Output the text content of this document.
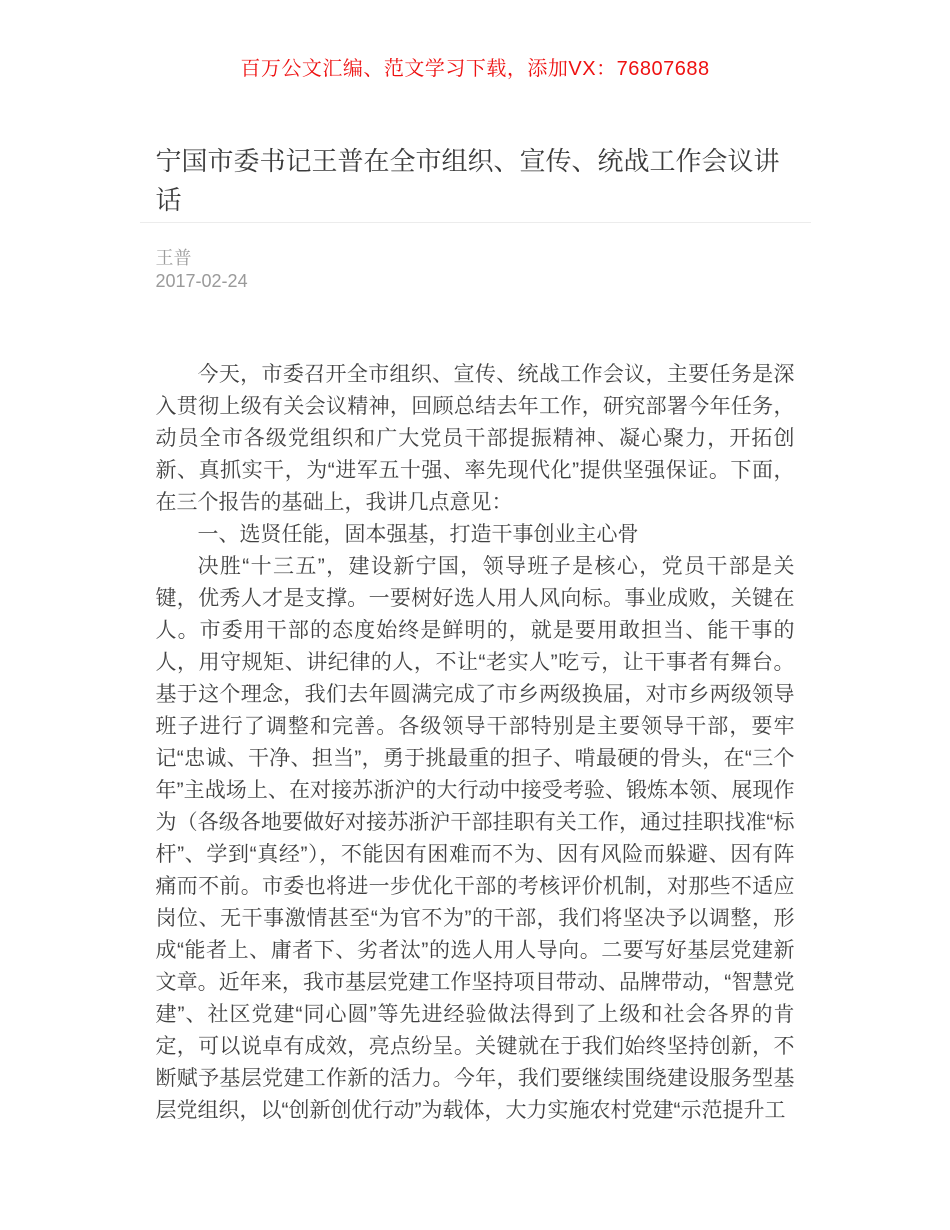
百万公文汇编、范文学习下载，添加VX：76807688
宁国市委书记王普在全市组织、宣传、统战工作会议讲话
王普
2017-02-24

今天，市委召开全市组织、宣传、统战工作会议，主要任务是深入贯彻上级有关会议精神，回顾总结去年工作，研究部署今年任务，动员全市各级党组织和广大党员干部提振精神、凝心聚力，开拓创新、真抓实干，为“进军五十强、率先现代化”提供坚强保证。下面，在三个报告的基础上，我讲几点意见：

一、选贤任能，固本强基，打造干事创业主心骨

决胜“十三五”，建设新宁国，领导班子是核心，党员干部是关键，优秀人才是支撑。一要树好选人用人风向标。事业成败，关键在人。市委用干部的态度始终是鲜明的，就是要用敢担当、能干事的人，用守规矩、讲纪律的人，不让“老实人”吃亏，让干事者有舞台。基于这个理念，我们去年圆满完成了市乡两级换届，对市乡两级领导班子进行了调整和完善。各级领导干部特别是主要领导干部，要牢记“忠诚、干净、担当”，勇于挑最重的担子、啃最硬的骨头，在“三个年”主战场上、在对接苏浙沪的大行动中接受考验、锻炼本领、展现作为（各级各地要做好对接苏浙沪干部挂职有关工作，通过挂职找准“标杆”、学到“真经”），不能因有困难而不为、因有风险而躲避、因有阵痛而不前。市委也将进一步优化干部的考核评价机制，对那些不适应岗位、无干事激情甚至“为官不为”的干部，我们将坚决予以调整，形成“能者上、庸者下、劣者汰”的选人用人导向。二要写好基层党建新文章。近年来，我市基层党建工作坚持项目带动、品牌带动，“智慧党建”、社区党建“同心圆”等先进经验做法得到了上级和社会各界的肯定，可以说卓有成效，亮点纷呈。关键就在于我们始终坚持创新，不断赋予基层党建工作新的活力。今年，我们要继续围绕建设服务型基层党组织，以“创新创优行动”为载体，大力实施农村党建“示范提升工
